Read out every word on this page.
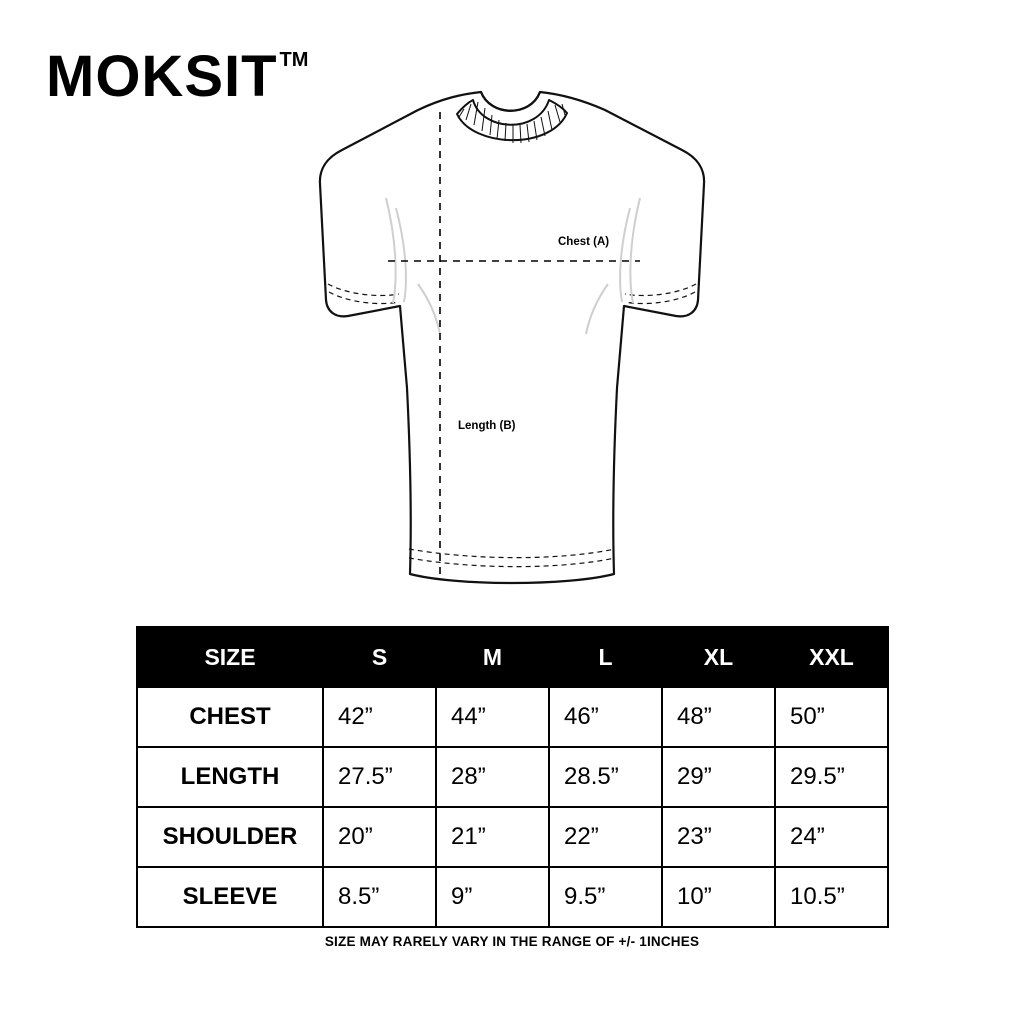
MOKSIT TM
Chest (A)
Length (B)
SIZE	S	M	L	XL	XXL
CHEST	42”	44”	46”	48”	50”
LENGTH	27.5”	28”	28.5”	29”	29.5”
SHOULDER	20”	21”	22”	23”	24”
SLEEVE	8.5”	9”	9.5”	10”	10.5”
SIZE MAY RARELY VARY IN THE RANGE OF +/- 1INCHES
